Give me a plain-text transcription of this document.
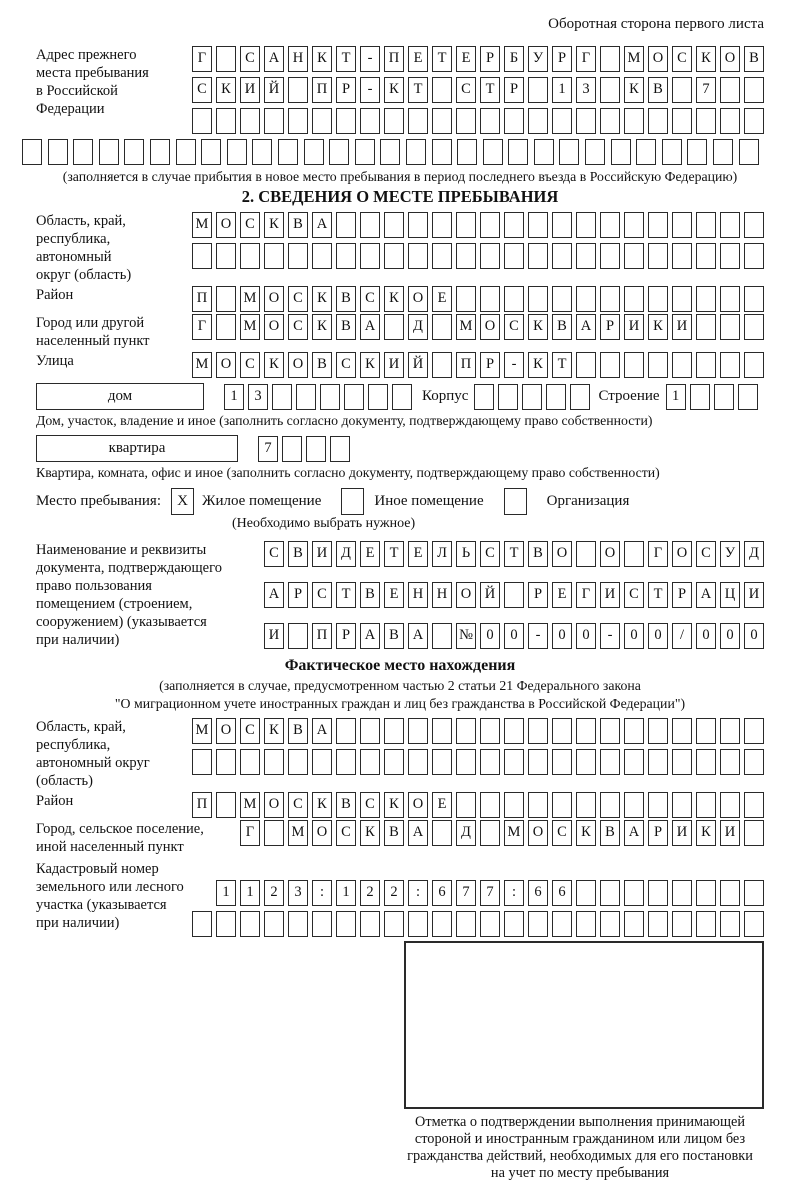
Оборотная сторона первого листа
Адрес прежнего
места пребывания
в Российской
Федерации
Г	С А Н К	Т	-	П Е	Т	Е	Р	Б	У	Р	Г	М О С К О В
С К И Й	П	Р	-	К	Т	С	Т	Р	1	3	К В	7
(заполняется в случае прибытия в новое место пребывания в период последнего въезда в Российскую Федерацию)
2. СВЕДЕНИЯ О МЕСТЕ ПРЕБЫВАНИЯ
Область, край,
республика,
автономный
округ (область)
М О С К В А
Район	П	М О С К В С К О Е
Город или другой
населенный пункт
Г	М О С К В А	Д	М О С К В А	Р	И К И
Улица	М О С К О В С К И Й	П	Р	-	К	Т
дом	1	3	Корпус	Строение 1
Дом, участок, владение и иное (заполнить согласно документу, подтверждающему право собственности)
квартира	7
Квартира, комната, офис и иное (заполнить согласно документу, подтверждающему право собственности)
Место пребывания:	X Жилое помещение	Иное помещение	Организация
(Необходимо выбрать нужное)
Наименование и реквизиты
документа, подтверждающего
право пользования
помещением (строением,
сооружением) (указывается
при наличии)
С В И Д	Е	Т	Е	Л	Ь	С	Т	В О	О	Г	О С У Д
А	Р	С	Т	В	Е Н Н О Й	Р	Е	Г	И С	Т	Р	А Ц И
И	П	Р	А В А	№ 0	0	-	0	0	-	0	0	/	0	0	0
Фактическое место нахождения
(заполняется в случае, предусмотренном частью 2 статьи 21 Федерального закона
"О миграционном учете иностранных граждан и лиц без гражданства в Российской Федерации")
Область, край,
республика,
автономный округ
(область)
М О С К В А
Район	П	М О С К В С К О Е
Город, сельское поселение,
иной населенный пункт
Г	М О С К В А	Д	М О С К В А	Р	И К И
Кадастровый номер
земельного или лесного
участка (указывается
при наличии)
1	1	2	3	:	1	2	2	:	6	7	7	:	6	6
Отметка о подтверждении выполнения принимающей
стороной и иностранным гражданином или лицом без
гражданства действий, необходимых для его постановки
на учет по месту пребывания
